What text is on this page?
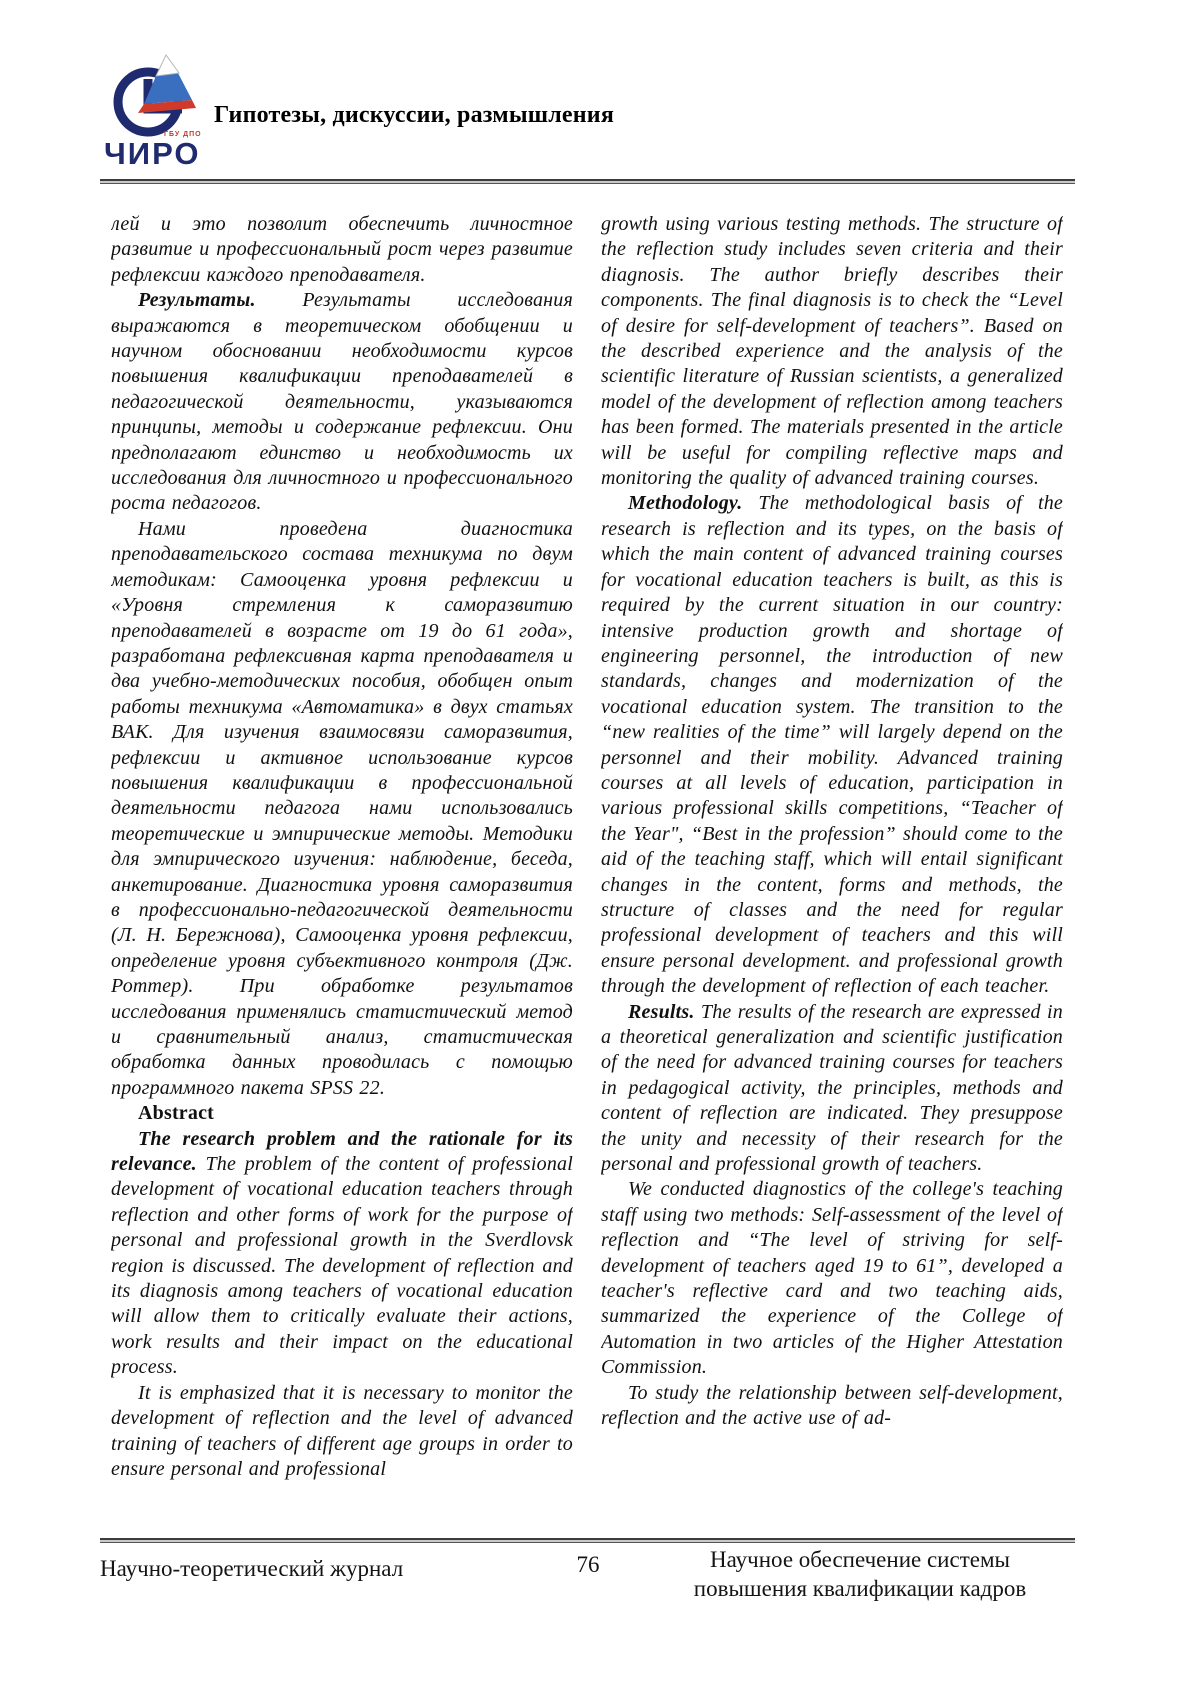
ГБУ ДПО
ЧИРО
Гипотезы, дискуссии, размышления

лей и это позволит обеспечить личностное развитие и профессиональный рост через развитие рефлексии каждого преподавателя.

Результаты. Результаты исследования выражаются в теоретическом обобщении и научном обосновании необходимости курсов повышения квалификации преподавателей в педагогической деятельности, указываются принципы, методы и содержание рефлексии. Они предполагают единство и необходимость их исследования для личностного и профессионального роста педагогов.

Нами проведена диагностика преподавательского состава техникума по двум методикам: Самооценка уровня рефлексии и «Уровня стремления к саморазвитию преподавателей в возрасте от 19 до 61 года», разработана рефлексивная карта преподавателя и два учебно-методических пособия, обобщен опыт работы техникума «Автоматика» в двух статьях ВАК. Для изучения взаимосвязи саморазвития, рефлексии и активное использование курсов повышения квалификации в профессиональной деятельности педагога нами использовались теоретические и эмпирические методы. Методики для эмпирического изучения: наблюдение, беседа, анкетирование. Диагностика уровня саморазвития в профессионально-педагогической деятельности (Л. Н. Бережнова), Самооценка уровня рефлексии, определение уровня субъективного контроля (Дж. Роттер). При обработке результатов исследования применялись статистический метод и сравнительный анализ, статистическая обработка данных проводилась с помощью программного пакета SPSS 22.

Abstract

The research problem and the rationale for its relevance. The problem of the content of professional development of vocational education teachers through reflection and other forms of work for the purpose of personal and professional growth in the Sverdlovsk region is discussed. The development of reflection and its diagnosis among teachers of vocational education will allow them to critically evaluate their actions, work results and their impact on the educational process.

It is emphasized that it is necessary to monitor the development of reflection and the level of advanced training of teachers of different age groups in order to ensure personal and professional

growth using various testing methods. The structure of the reflection study includes seven criteria and their diagnosis. The author briefly describes their components. The final diagnosis is to check the “Level of desire for self-development of teachers”. Based on the described experience and the analysis of the scientific literature of Russian scientists, a generalized model of the development of reflection among teachers has been formed. The materials presented in the article will be useful for compiling reflective maps and monitoring the quality of advanced training courses.

Methodology. The methodological basis of the research is reflection and its types, on the basis of which the main content of advanced training courses for vocational education teachers is built, as this is required by the current situation in our country: intensive production growth and shortage of engineering personnel, the introduction of new standards, changes and modernization of the vocational education system. The transition to the “new realities of the time” will largely depend on the personnel and their mobility. Advanced training courses at all levels of education, participation in various professional skills competitions, “Teacher of the Year", “Best in the profession” should come to the aid of the teaching staff, which will entail significant changes in the content, forms and methods, the structure of classes and the need for regular professional development of teachers and this will ensure personal development. and professional growth through the development of reflection of each teacher.

Results. The results of the research are expressed in a theoretical generalization and scientific justification of the need for advanced training courses for teachers in pedagogical activity, the principles, methods and content of reflection are indicated. They presuppose the unity and necessity of their research for the personal and professional growth of teachers.

We conducted diagnostics of the college's teaching staff using two methods: Self-assessment of the level of reflection and “The level of striving for self-development of teachers aged 19 to 61”, developed a teacher's reflective card and two teaching aids, summarized the experience of the College of Automation in two articles of the Higher Attestation Commission.

To study the relationship between self-development, reflection and the active use of ad-

Научно-теоретический журнал	76	Научное обеспечение системы
повышения квалификации кадров
